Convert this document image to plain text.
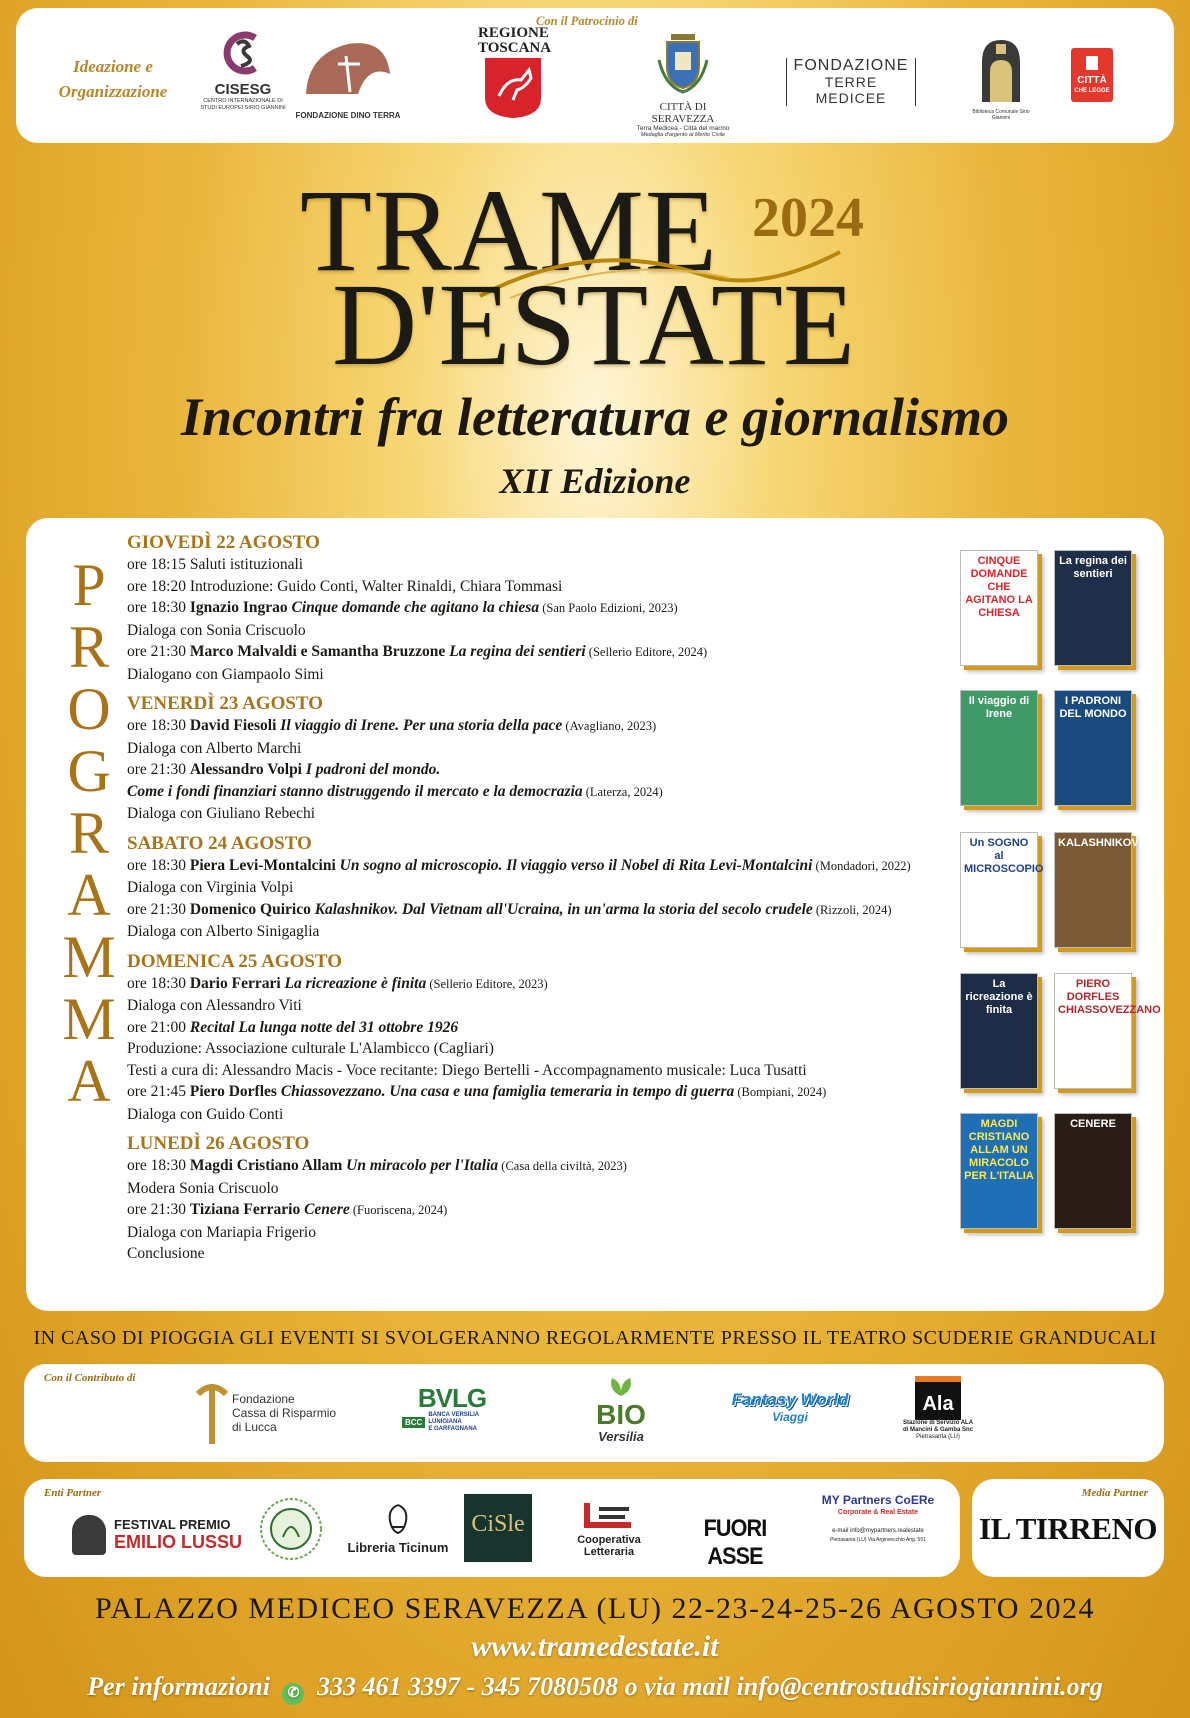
Ideazione e
Organizzazione
Con il Patrocinio di
CISESG
CENTRO INTERNAZIONALE DI STUDI EUROPEI SIRIO GIANNINI
FONDAZIONE DINO TERRA
REGIONE
TOSCANA
CITTÀ DI SERAVEZZA
Terra Medicea - Città del marmo
Medaglia d'argento al Merito Civile
FONDAZIONE
TERRE MEDICEE
Biblioteca Comunale Sirio Giannini
CITTÀ
CHE LEGGE
TRAME 2024
D'ESTATE
Incontri fra letteratura e giornalismo
XII Edizione
P
R
O
G
R
A
M
M
A
GIOVEDÌ 22 AGOSTO
ore 18:15 Saluti istituzionali
ore 18:20 Introduzione: Guido Conti, Walter Rinaldi, Chiara Tommasi
ore 18:30 Ignazio Ingrao Cinque domande che agitano la chiesa (San Paolo Edizioni, 2023)
Dialoga con Sonia Criscuolo
ore 21:30 Marco Malvaldi e Samantha Bruzzone La regina dei sentieri (Sellerio Editore, 2024)
Dialogano con Giampaolo Simi
VENERDÌ 23 AGOSTO
ore 18:30 David Fiesoli Il viaggio di Irene. Per una storia della pace (Avagliano, 2023)
Dialoga con Alberto Marchi
ore 21:30 Alessandro Volpi I padroni del mondo.
Come i fondi finanziari stanno distruggendo il mercato e la democrazia (Laterza, 2024)
Dialoga con Giuliano Rebechi
SABATO 24 AGOSTO
ore 18:30 Piera Levi-Montalcini Un sogno al microscopio. Il viaggio verso il Nobel di Rita Levi-Montalcini (Mondadori, 2022)
Dialoga con Virginia Volpi
ore 21:30 Domenico Quirico Kalashnikov. Dal Vietnam all'Ucraina, in un'arma la storia del secolo crudele (Rizzoli, 2024)
Dialoga con Alberto Sinigaglia
DOMENICA 25 AGOSTO
ore 18:30 Dario Ferrari La ricreazione è finita (Sellerio Editore, 2023)
Dialoga con Alessandro Viti
ore 21:00 Recital La lunga notte del 31 ottobre 1926
Produzione: Associazione culturale L'Alambicco (Cagliari)
Testi a cura di: Alessandro Macis - Voce recitante: Diego Bertelli - Accompagnamento musicale: Luca Tusatti
ore 21:45 Piero Dorfles Chiassovezzano. Una casa e una famiglia temeraria in tempo di guerra (Bompiani, 2024)
Dialoga con Guido Conti
LUNEDÌ 26 AGOSTO
ore 18:30 Magdi Cristiano Allam Un miracolo per l'Italia (Casa della civiltà, 2023)
Modera Sonia Criscuolo
ore 21:30 Tiziana Ferrario Cenere (Fuoriscena, 2024)
Dialoga con Mariapia Frigerio
Conclusione
CINQUE DOMANDE CHE AGITANO LA CHIESA
La regina dei sentieri
Il viaggio di Irene
I PADRONI DEL MONDO
Un SOGNO al MICROSCOPIO
KALASHNIKOV
La ricreazione è finita
PIERO DORFLES CHIASSOVEZZANO
MAGDI CRISTIANO ALLAM UN MIRACOLO PER L'ITALIA
CENERE
IN CASO DI PIOGGIA GLI EVENTI SI SVOLGERANNO REGOLARMENTE PRESSO IL TEATRO SCUDERIE GRANDUCALI
Con il Contributo di
Fondazione
Cassa di Risparmio
di Lucca
BVLG
BCC
BANCA VERSILIA
LUNIGIANA
E GARFAGNANA	BIO
Versilia
Fantasy World
Viaggi
Ala
Stazione di Servizio ALA
di Mancini & Gamba Snc
Pietrasanta (LU)
Enti Partner
FESTIVAL PREMIO
EMILIO LUSSU	Libreria Ticinum
CiSle
Cooperativa
Letteraria
FUORI ASSE
MY Partners CoERe
Corporate & Real Estate
e-mail info@mypartners.realestate
Pietrasanta (LU) Via Arginvecchio Ang. 551
Media Partner
IL TIRRENO
PALAZZO MEDICEO SERAVEZZA (LU) 22-23-24-25-26 AGOSTO 2024
www.tramedestate.it
Per informazioni ✆ 333 461 3397 - 345 7080508 o via mail info@centrostudisiriogiannini.org
